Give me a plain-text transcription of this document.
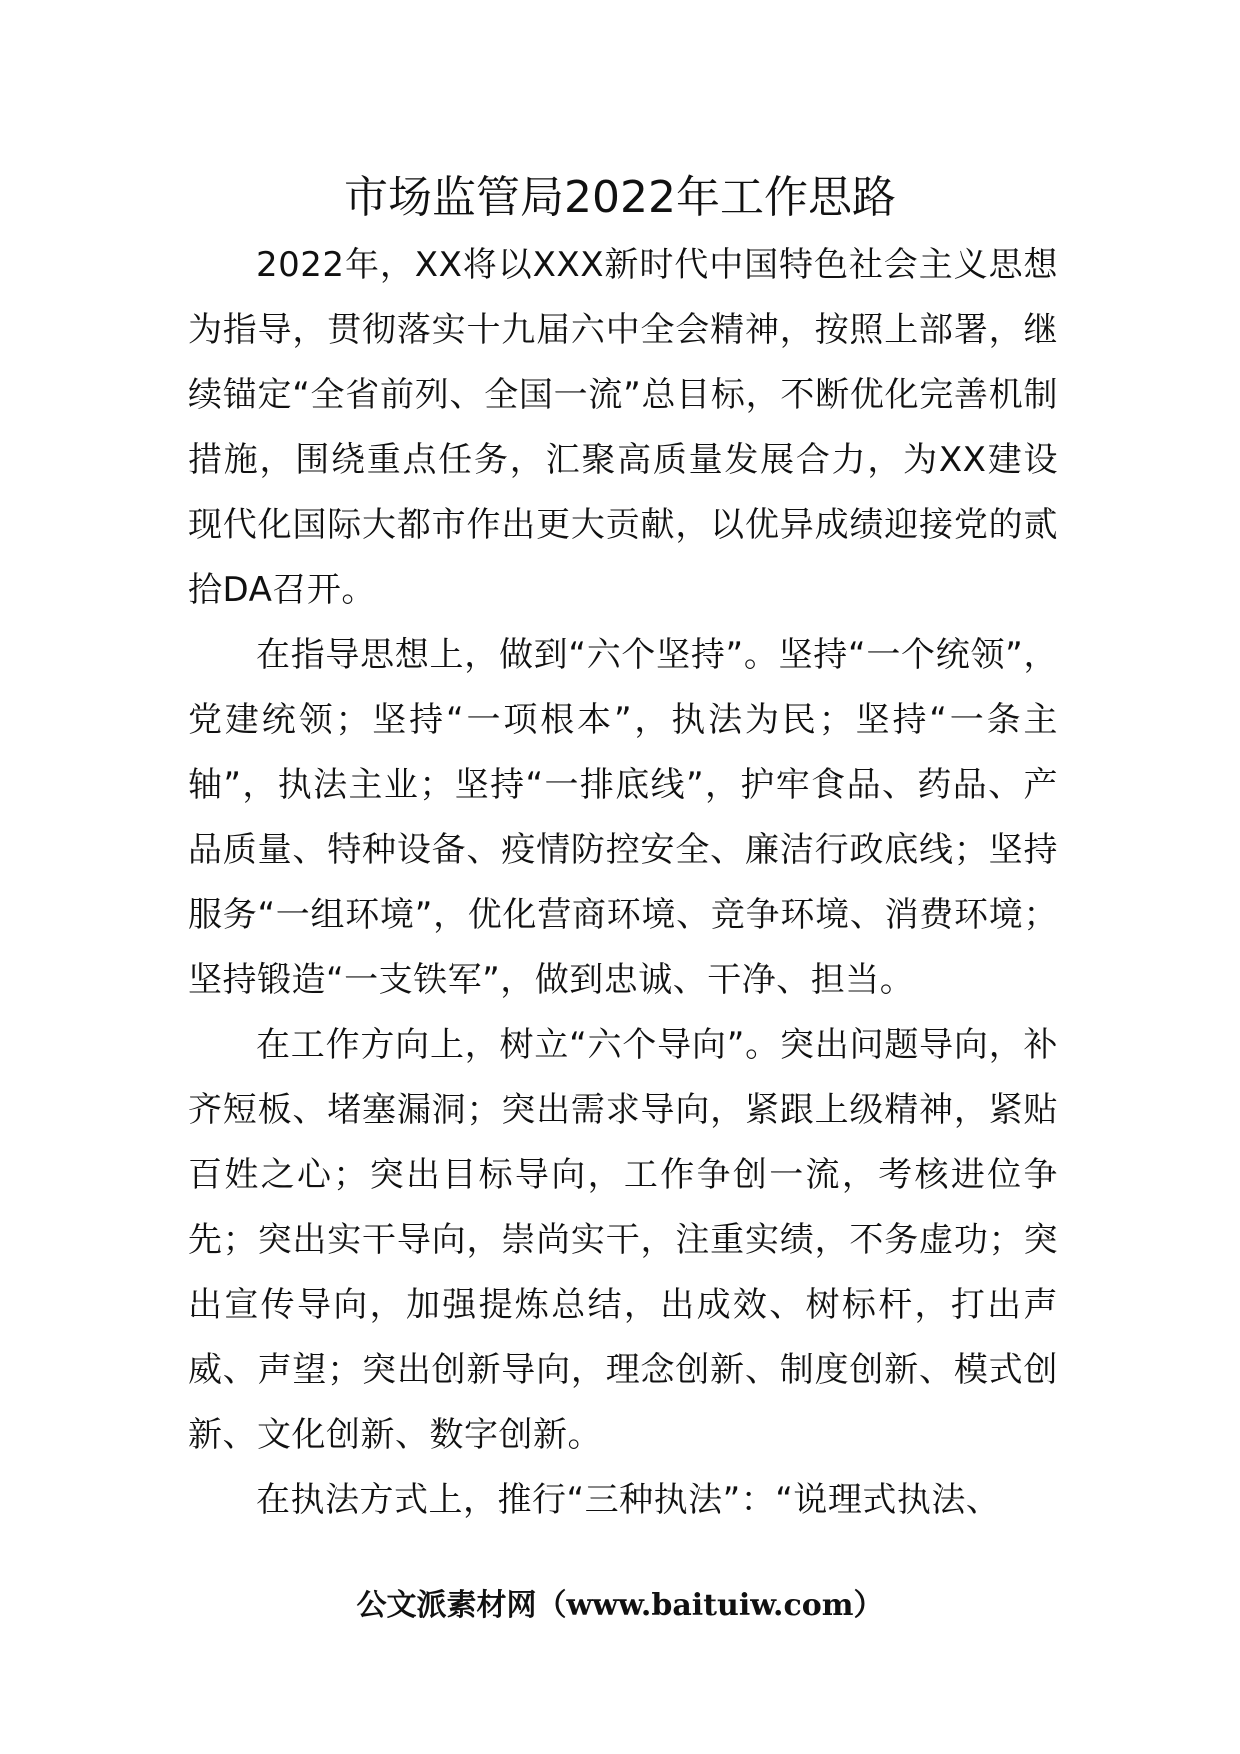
市场监管局2022年工作思路

2022年，XX将以XXX新时代中国特色社会主义思想为指导，贯彻落实十九届六中全会精神，按照上部署，继续锚定“全省前列、全国一流”总目标，不断优化完善机制措施，围绕重点任务，汇聚高质量发展合力，为XX建设现代化国际大都市作出更大贡献，以优异成绩迎接党的贰拾DA召开。

在指导思想上，做到“六个坚持”。坚持“一个统领”，党建统领；坚持“一项根本”，执法为民；坚持“一条主轴”，执法主业；坚持“一排底线”，护牢食品、药品、产品质量、特种设备、疫情防控安全、廉洁行政底线；坚持服务“一组环境”，优化营商环境、竞争环境、消费环境；坚持锻造“一支铁军”，做到忠诚、干净、担当。

在工作方向上，树立“六个导向”。突出问题导向，补齐短板、堵塞漏洞；突出需求导向，紧跟上级精神，紧贴百姓之心；突出目标导向，工作争创一流，考核进位争先；突出实干导向，崇尚实干，注重实绩，不务虚功；突出宣传导向，加强提炼总结，出成效、树标杆，打出声威、声望；突出创新导向，理念创新、制度创新、模式创新、文化创新、数字创新。

在执法方式上，推行“三种执法”：“说理式执法、

公文派素材网（www.baituiw.com）
